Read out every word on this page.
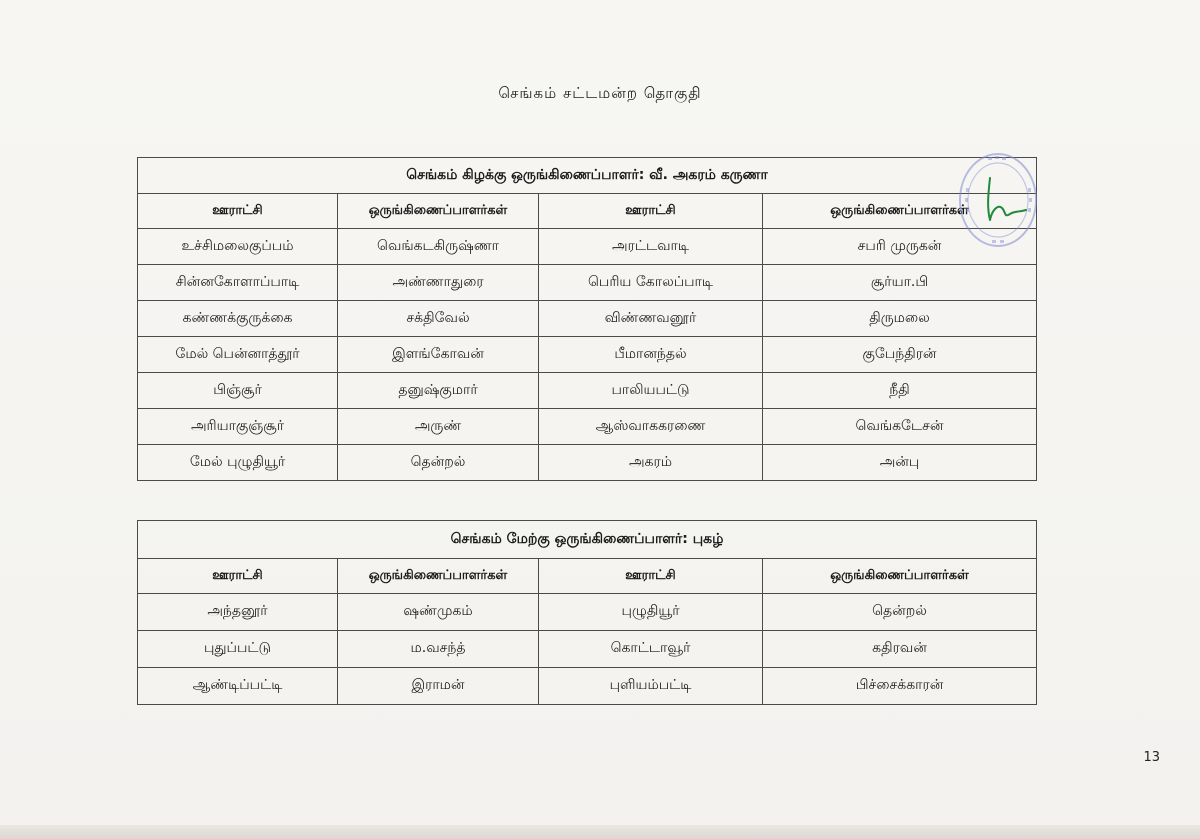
செங்கம் சட்டமன்ற தொகுதி
செங்கம் கிழக்கு ஒருங்கிணைப்பாளர்: வீ. அகரம் கருணா			
ஊராட்சி	ஒருங்கிணைப்பாளர்கள்	ஊராட்சி	ஒருங்கிணைப்பாளர்கள்
உச்சிமலைகுப்பம்	வெங்கடகிருஷ்ணா	அரட்டவாடி	சபரி முருகன்
சின்னகோளாப்பாடி	அண்ணாதுரை	பெரிய கோலப்பாடி	சூர்யா.பி
கண்ணக்குருக்கை	சக்திவேல்	விண்ணவனூர்	திருமலை
மேல் பென்னாத்தூர்	இளங்கோவன்	பீமானந்தல்	குபேந்திரன்
பிஞ்சூர்	தனுஷ்குமார்	பாலியபட்டு	நீதி
அரியாகுஞ்சூர்	அருண்	ஆஸ்வாககரணை	வெங்கடேசன்
மேல் புழுதியூர்	தென்றல்	அகரம்	அன்பு
செங்கம் மேற்கு ஒருங்கிணைப்பாளர்: புகழ்			
ஊராட்சி	ஒருங்கிணைப்பாளர்கள்	ஊராட்சி	ஒருங்கிணைப்பாளர்கள்
அந்தனூர்	ஷண்முகம்	புழுதியூர்	தென்றல்
புதுப்பட்டு	ம.வசந்த்	கொட்டாவூர்	கதிரவன்
ஆண்டிப்பட்டி	இராமன்	புளியம்பட்டி	பிச்சைக்காரன்
13
